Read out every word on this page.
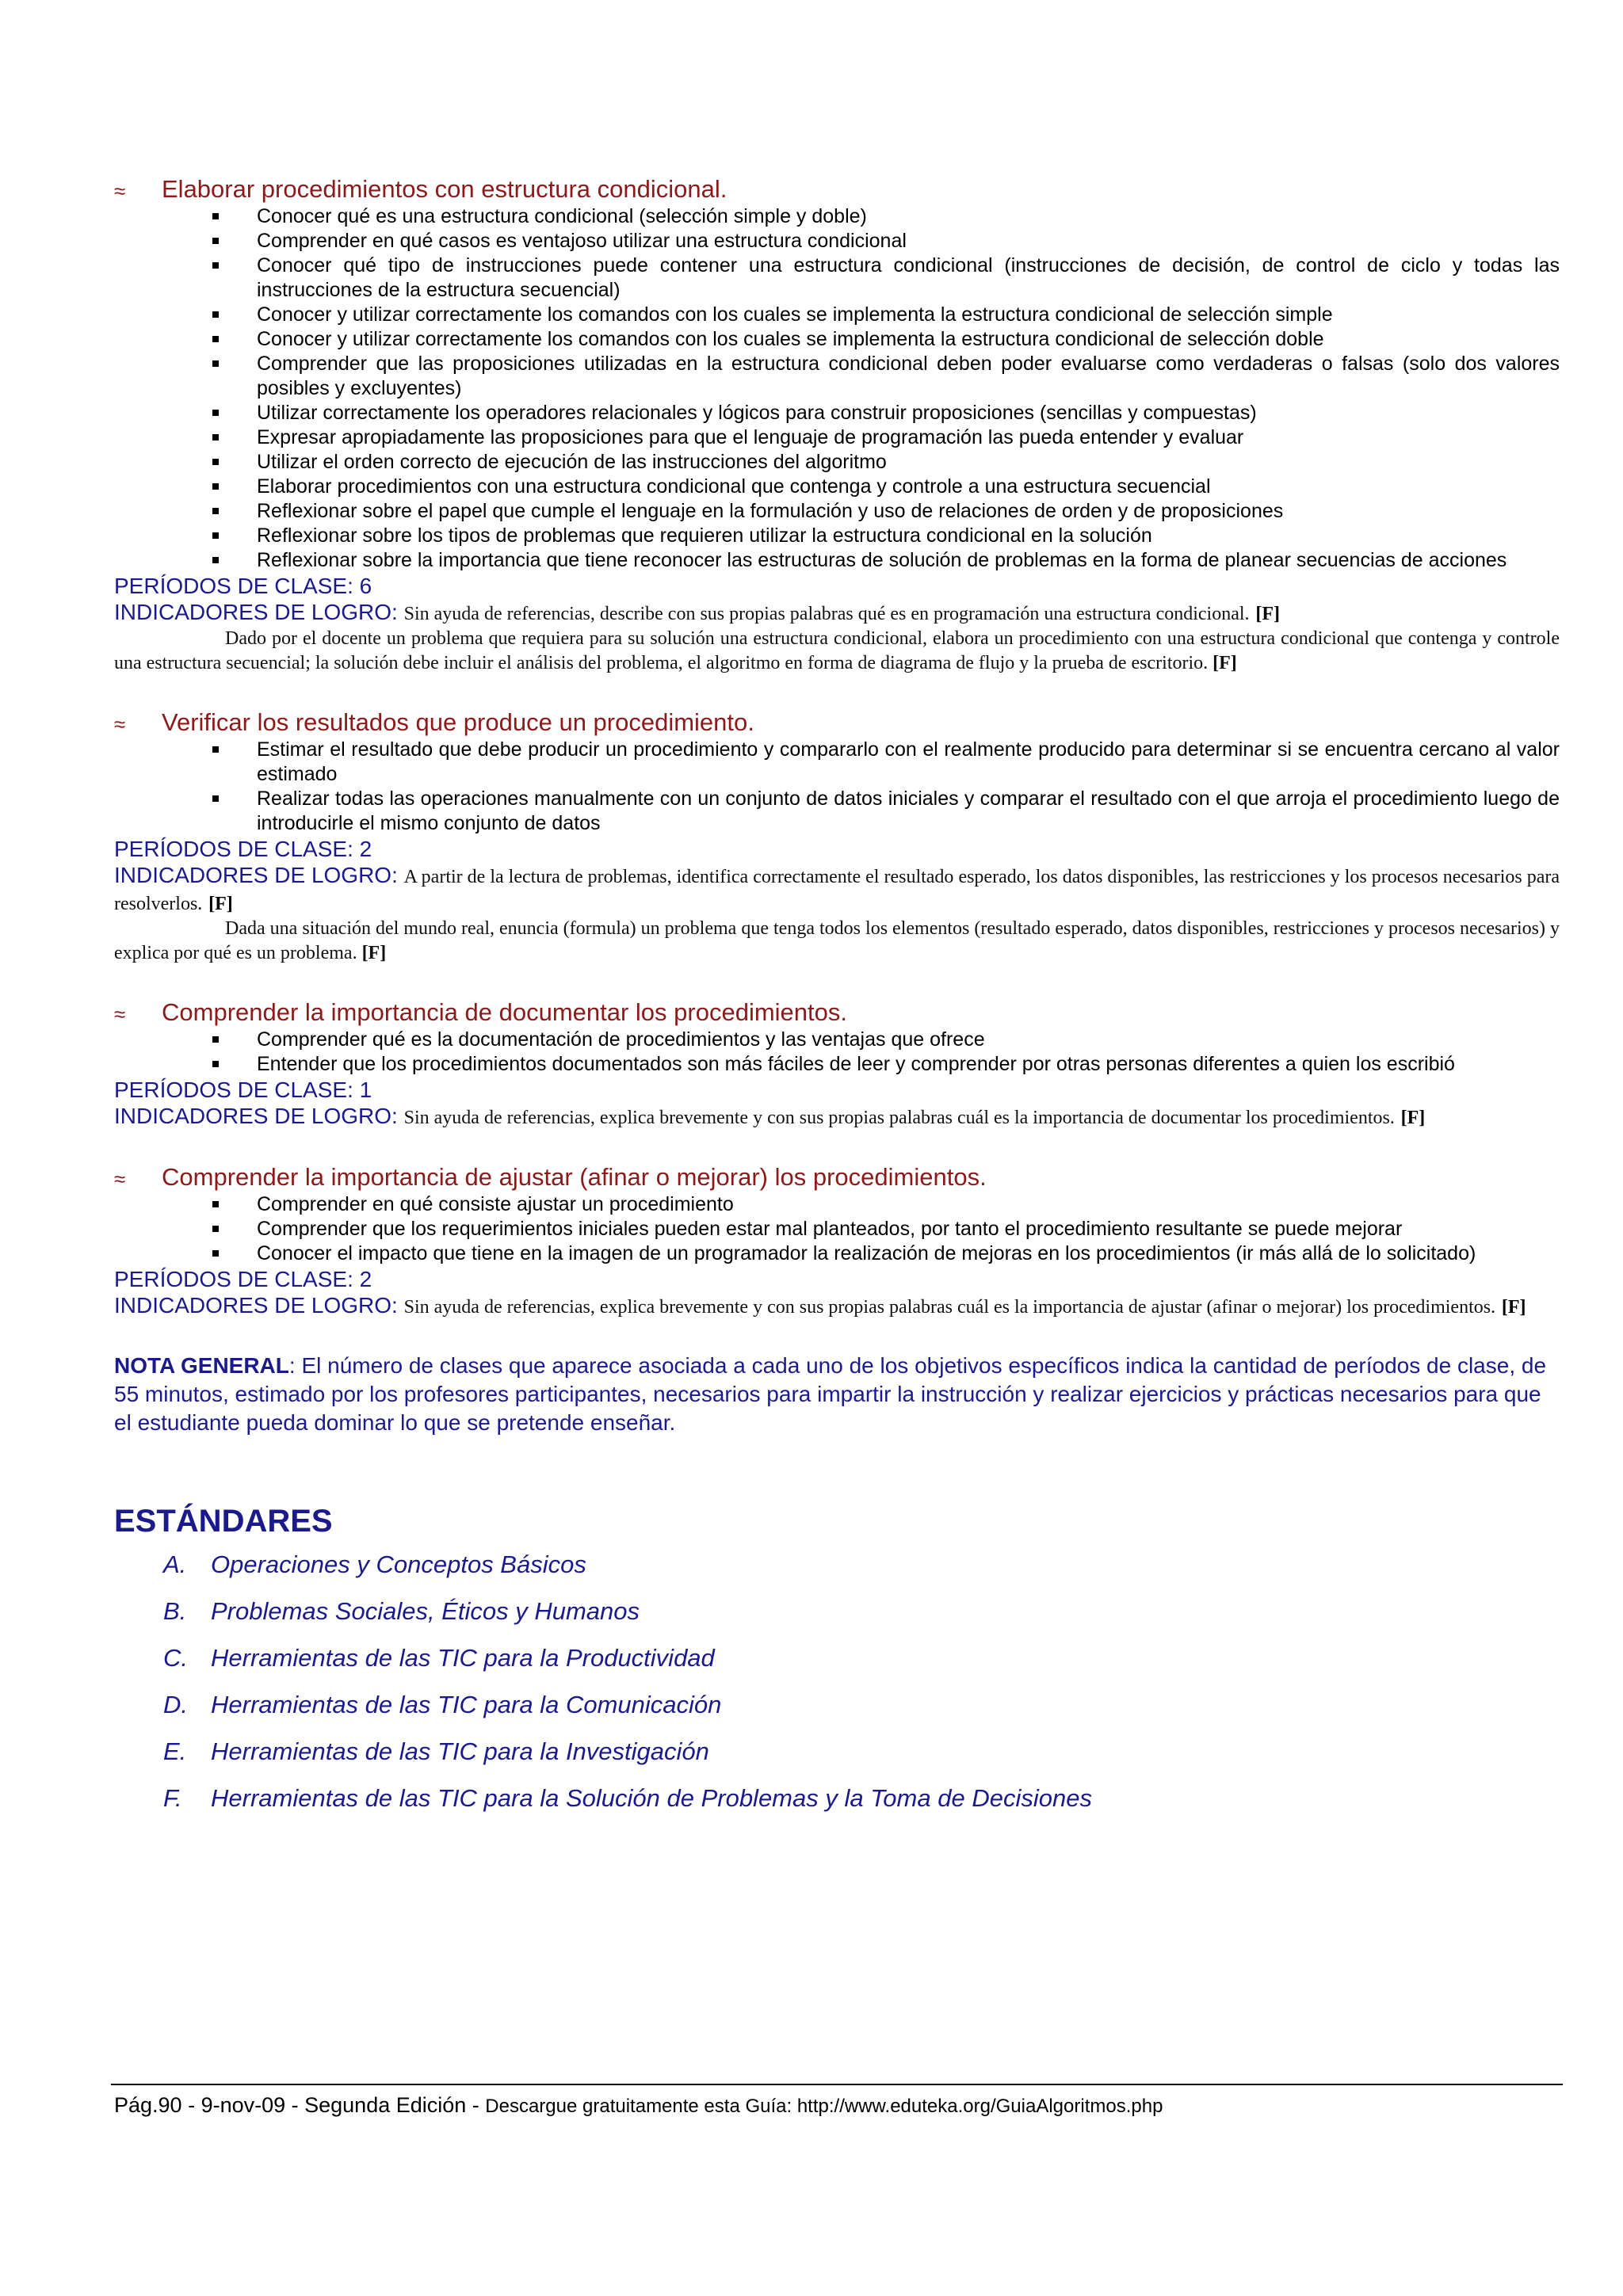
≈ Elaborar procedimientos con estructura condicional.
Conocer qué es una estructura condicional (selección simple y doble)
Comprender en qué casos es ventajoso utilizar una estructura condicional
Conocer qué tipo de instrucciones puede contener una estructura condicional (instrucciones de decisión, de control de ciclo y todas las instrucciones de la estructura secuencial)
Conocer y utilizar correctamente los comandos con los cuales se implementa la estructura condicional de selección simple
Conocer y utilizar correctamente los comandos con los cuales se implementa la estructura condicional de selección doble
Comprender que las proposiciones utilizadas en la estructura condicional deben poder evaluarse como verdaderas o falsas (solo dos valores posibles y excluyentes)
Utilizar correctamente los operadores relacionales y lógicos para construir proposiciones (sencillas y compuestas)
Expresar apropiadamente las proposiciones para que el lenguaje de programación las pueda entender y evaluar
Utilizar el orden correcto de ejecución de las instrucciones del algoritmo
Elaborar procedimientos con una estructura condicional que contenga y controle a una estructura secuencial
Reflexionar sobre el papel que cumple el lenguaje en la formulación y uso de relaciones de orden y de proposiciones
Reflexionar sobre los tipos de problemas que requieren utilizar la estructura condicional en la solución
Reflexionar sobre la importancia que tiene reconocer las estructuras de solución de problemas en la forma de planear secuencias de acciones
PERÍODOS DE CLASE: 6
INDICADORES DE LOGRO: Sin ayuda de referencias, describe con sus propias palabras qué es en programación una estructura condicional. [F]
Dado por el docente un problema que requiera para su solución una estructura condicional, elabora un procedimiento con una estructura condicional que contenga y controle una estructura secuencial; la solución debe incluir el análisis del problema, el algoritmo en forma de diagrama de flujo y la prueba de escritorio. [F]
≈ Verificar los resultados que produce un procedimiento.
Estimar el resultado que debe producir un procedimiento y compararlo con el realmente producido para determinar si se encuentra cercano al valor estimado
Realizar todas las operaciones manualmente con un conjunto de datos iniciales y comparar el resultado con el que arroja el procedimiento luego de introducirle el mismo conjunto de datos
PERÍODOS DE CLASE: 2
INDICADORES DE LOGRO: A partir de la lectura de problemas, identifica correctamente el resultado esperado, los datos disponibles, las restricciones y los procesos necesarios para resolverlos. [F]
Dada una situación del mundo real, enuncia (formula) un problema que tenga todos los elementos (resultado esperado, datos disponibles, restricciones y procesos necesarios) y explica por qué es un problema. [F]
≈ Comprender la importancia de documentar los procedimientos.
Comprender qué es la documentación de procedimientos y las ventajas que ofrece
Entender que los procedimientos documentados son más fáciles de leer y comprender por otras personas diferentes a quien los escribió
PERÍODOS DE CLASE: 1
INDICADORES DE LOGRO: Sin ayuda de referencias, explica brevemente y con sus propias palabras cuál es la importancia de documentar los procedimientos. [F]
≈ Comprender la importancia de ajustar (afinar o mejorar) los procedimientos.
Comprender en qué consiste ajustar un procedimiento
Comprender que los requerimientos iniciales pueden estar mal planteados, por tanto el procedimiento resultante se puede mejorar
Conocer el impacto que tiene en la imagen de un programador la realización de mejoras en los procedimientos (ir más allá de lo solicitado)
PERÍODOS DE CLASE: 2
INDICADORES DE LOGRO: Sin ayuda de referencias, explica brevemente y con sus propias palabras cuál es la importancia de ajustar (afinar o mejorar) los procedimientos. [F]
NOTA GENERAL: El número de clases que aparece asociada a cada uno de los objetivos específicos indica la cantidad de períodos de clase, de 55 minutos, estimado por los profesores participantes, necesarios para impartir la instrucción y realizar ejercicios y prácticas necesarios para que el estudiante pueda dominar lo que se pretende enseñar.
ESTÁNDARES
A. Operaciones y Conceptos Básicos
B. Problemas Sociales, Éticos y Humanos
C. Herramientas de las TIC para la Productividad
D. Herramientas de las TIC para la Comunicación
E. Herramientas de las TIC para la Investigación
F. Herramientas de las TIC para la Solución de Problemas y la Toma de Decisiones
Pág.90 - 9-nov-09 - Segunda Edición - Descargue gratuitamente esta Guía: http://www.eduteka.org/GuiaAlgoritmos.php
